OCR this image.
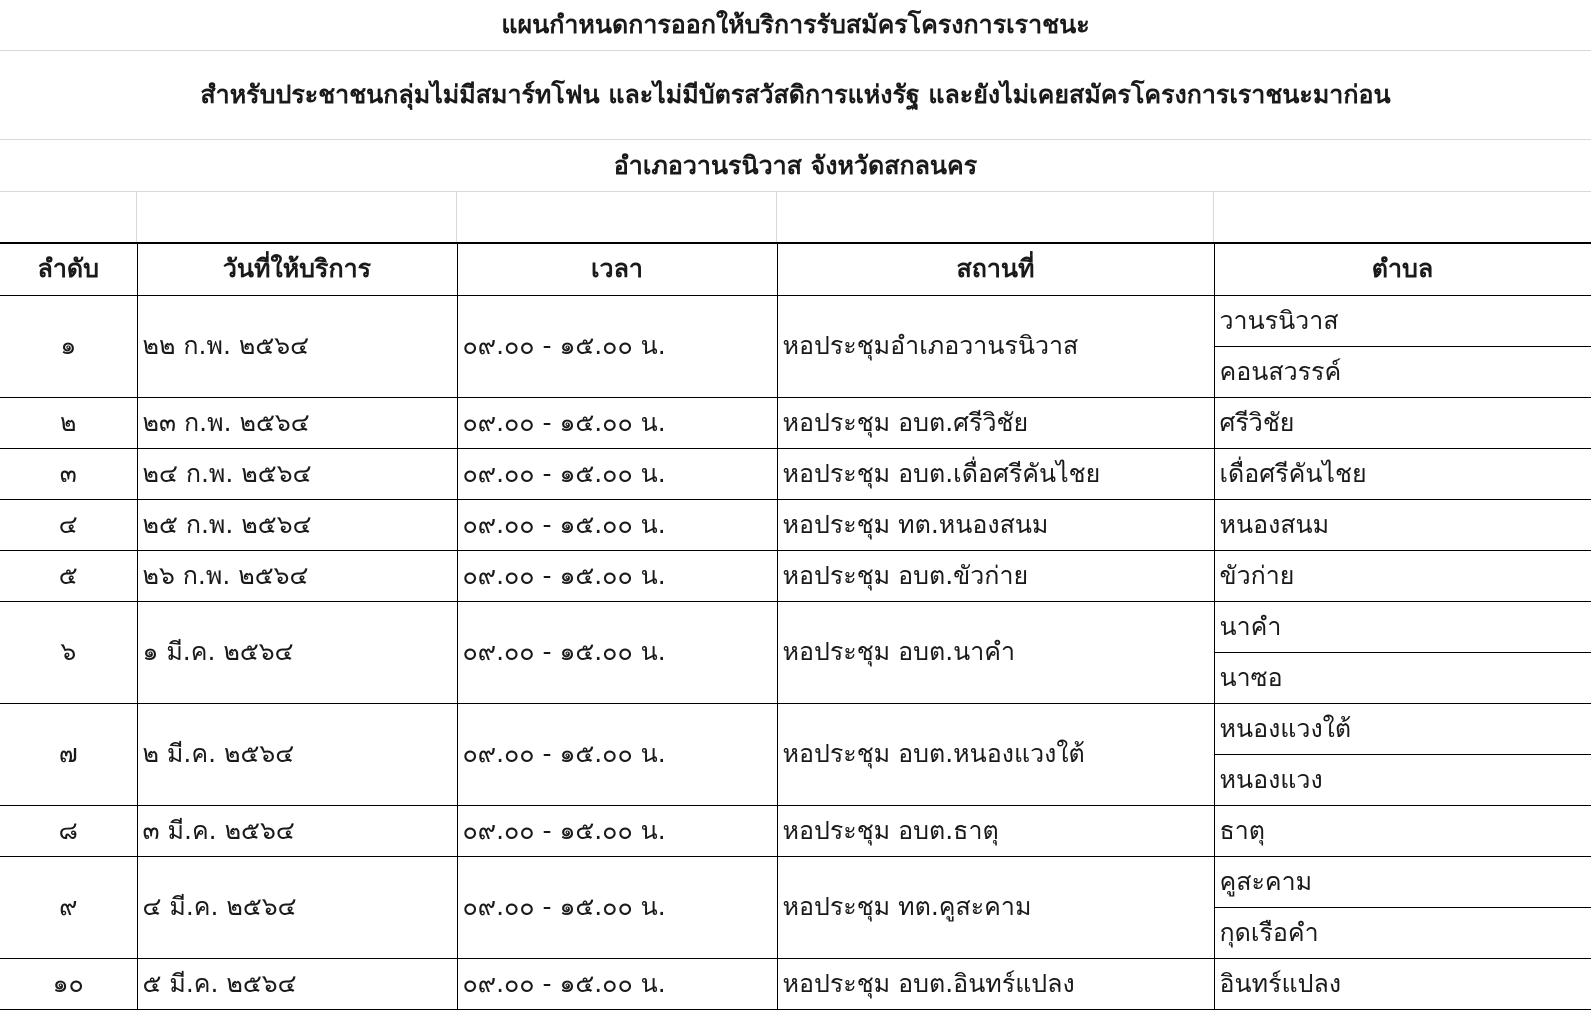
แผนกำหนดการออกให้บริการรับสมัครโครงการเราชนะ
สำหรับประชาชนกลุ่มไม่มีสมาร์ทโฟน และไม่มีบัตรสวัสดิการแห่งรัฐ และยังไม่เคยสมัครโครงการเราชนะมาก่อน
อำเภอวานรนิวาส จังหวัดสกลนคร
ลำดับ	วันที่ให้บริการ	เวลา	สถานที่	ตำบล
๑	๒๒ ก.พ. ๒๕๖๔	๐๙.๐๐ - ๑๕.๐๐ น.	หอประชุมอำเภอวานรนิวาส	วานรนิวาส
				คอนสวรรค์
๒	๒๓ ก.พ. ๒๕๖๔	๐๙.๐๐ - ๑๕.๐๐ น.	หอประชุม อบต.ศรีวิชัย	ศรีวิชัย
๓	๒๔ ก.พ. ๒๕๖๔	๐๙.๐๐ - ๑๕.๐๐ น.	หอประชุม อบต.เดื่อศรีคันไชย	เดื่อศรีคันไชย
๔	๒๕ ก.พ. ๒๕๖๔	๐๙.๐๐ - ๑๕.๐๐ น.	หอประชุม ทต.หนองสนม	หนองสนม
๕	๒๖ ก.พ. ๒๕๖๔	๐๙.๐๐ - ๑๕.๐๐ น.	หอประชุม อบต.ขัวก่าย	ขัวก่าย
๖	๑ มี.ค. ๒๕๖๔	๐๙.๐๐ - ๑๕.๐๐ น.	หอประชุม อบต.นาคำ	นาคำ
				นาซอ
๗	๒ มี.ค. ๒๕๖๔	๐๙.๐๐ - ๑๕.๐๐ น.	หอประชุม อบต.หนองแวงใต้	หนองแวงใต้
				หนองแวง
๘	๓ มี.ค. ๒๕๖๔	๐๙.๐๐ - ๑๕.๐๐ น.	หอประชุม อบต.ธาตุ	ธาตุ
๙	๔ มี.ค. ๒๕๖๔	๐๙.๐๐ - ๑๕.๐๐ น.	หอประชุม ทต.คูสะคาม	คูสะคาม
				กุดเรือคำ
๑๐	๕ มี.ค. ๒๕๖๔	๐๙.๐๐ - ๑๕.๐๐ น.	หอประชุม อบต.อินทร์แปลง	อินทร์แปลง
